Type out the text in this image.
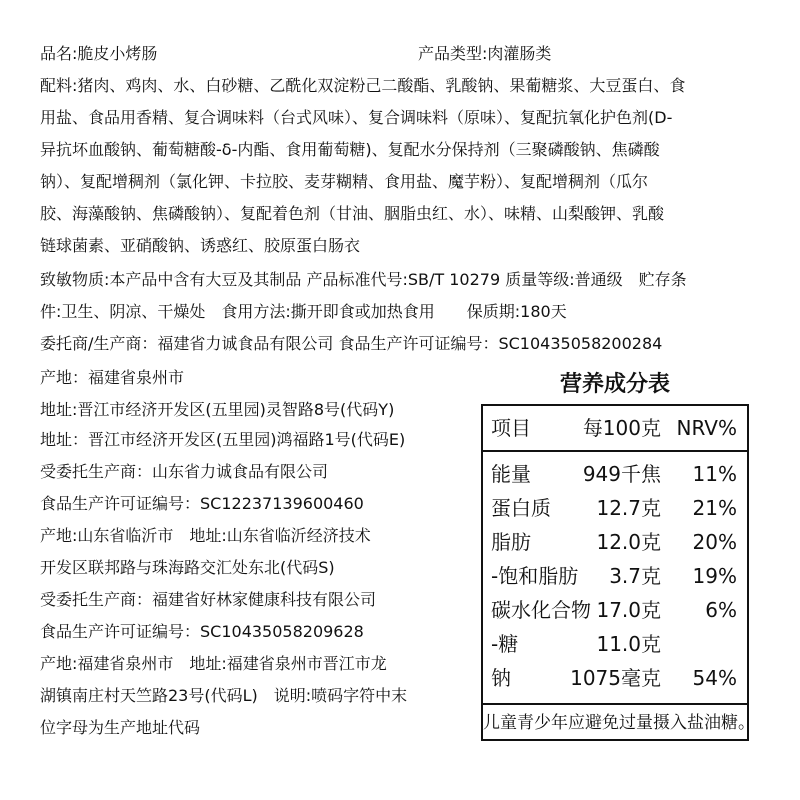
品名:脆皮小烤肠	产品类型:肉灌肠类
配料:猪肉、鸡肉、水、白砂糖、乙酰化双淀粉己二酸酯、乳酸钠、果葡糖浆、大豆蛋白、食
用盐、食品用香精、复合调味料（台式风味）、复合调味料（原味）、复配抗氧化护色剂(D-
异抗坏血酸钠、葡萄糖酸-δ-内酯、食用葡萄糖)、复配水分保持剂（三聚磷酸钠、焦磷酸
钠）、复配增稠剂（氯化钾、卡拉胶、麦芽糊精、食用盐、魔芋粉）、复配增稠剂（瓜尔
胶、海藻酸钠、焦磷酸钠）、复配着色剂（甘油、胭脂虫红、水）、味精、山梨酸钾、乳酸
链球菌素、亚硝酸钠、诱惑红、胶原蛋白肠衣
致敏物质:本产品中含有大豆及其制品 产品标准代号:SB/T 10279 质量等级:普通级　贮存条
件:卫生、阴凉、干燥处　食用方法:撕开即食或加热食用　　保质期:180天
委托商/生产商：福建省力诚食品有限公司 食品生产许可证编号：SC10435058200284
产地：福建省泉州市
地址:晋江市经济开发区(五里园)灵智路8号(代码Y)
地址：晋江市经济开发区(五里园)鸿福路1号(代码E)
受委托生产商：山东省力诚食品有限公司
食品生产许可证编号：SC12237139600460
产地:山东省临沂市　地址:山东省临沂经济技术
开发区联邦路与珠海路交汇处东北(代码S)
受委托生产商：福建省好林家健康科技有限公司
食品生产许可证编号：SC10435058209628
产地:福建省泉州市　地址:福建省泉州市晋江市龙
湖镇南庄村天竺路23号(代码L)　说明:喷码字符中末
位字母为生产地址代码
营养成分表
项目	每100克 NRV%
能量	949千焦 11%
蛋白质 12.7克 21%
脂肪	12.0克 20%
-饱和脂肪 3.7克 19%
碳水化合物 17.0克 6%
-糖	11.0克
钠	1075毫克 54%
儿童青少年应避免过量摄入盐油糖。
